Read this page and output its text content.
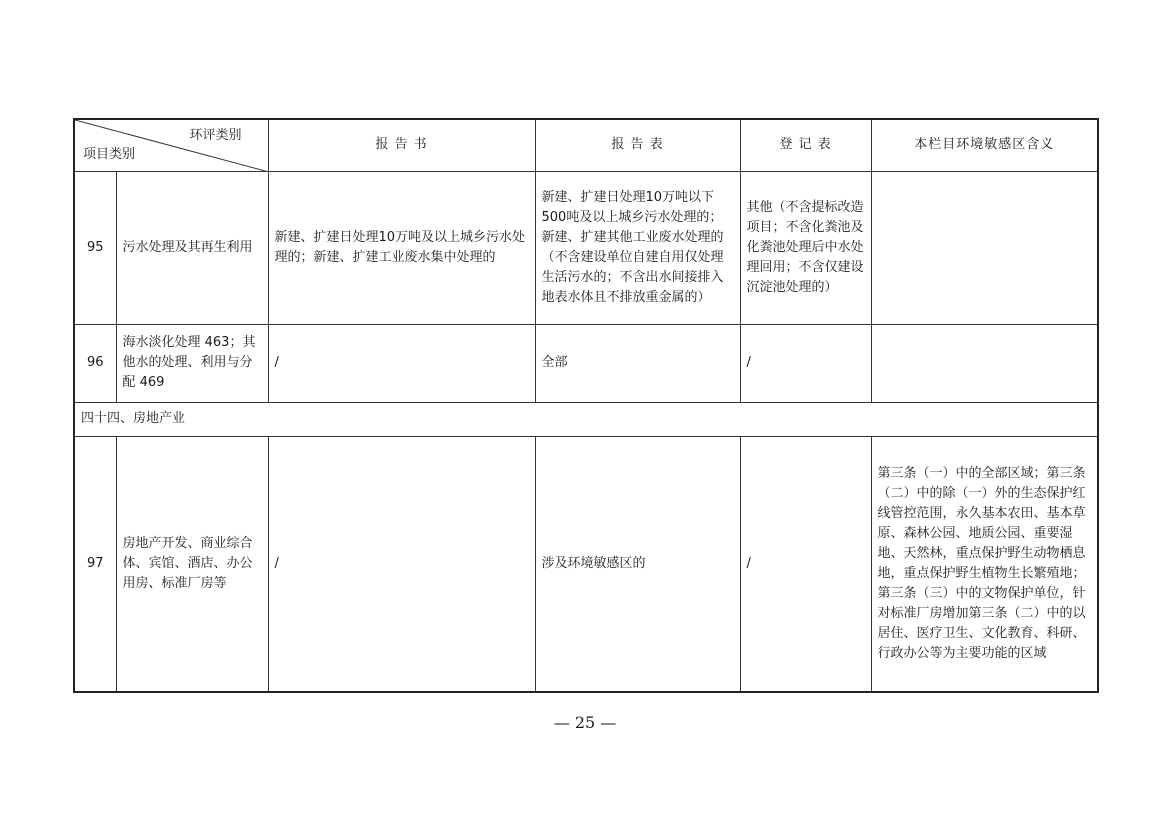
环评类别
项目类别		报 告 书	报 告 表	登 记 表	本栏目环境敏感区含义
95	污水处理及其再生利用	新建、扩建日处理10万吨及以上城乡污水处理的；新建、扩建工业废水集中处理的	新建、扩建日处理10万吨以下500吨及以上城乡污水处理的；新建、扩建其他工业废水处理的（不含建设单位自建自用仅处理生活污水的；不含出水间接排入地表水体且不排放重金属的）	其他（不含提标改造项目；不含化粪池及化粪池处理后中水处理回用；不含仅建设沉淀池处理的）	
96	海水淡化处理 463；其他水的处理、利用与分配 469	/	全部	/	
四十四、房地产业					
97	房地产开发、商业综合体、宾馆、酒店、办公用房、标准厂房等	/	涉及环境敏感区的	/	第三条（一）中的全部区域；第三条（二）中的除（一）外的生态保护红线管控范围，永久基本农田、基本草原、森林公园、地质公园、重要湿地、天然林，重点保护野生动物栖息地，重点保护野生植物生长繁殖地；第三条（三）中的文物保护单位，针对标准厂房增加第三条（二）中的以居住、医疗卫生、文化教育、科研、行政办公等为主要功能的区域
— 25 —
